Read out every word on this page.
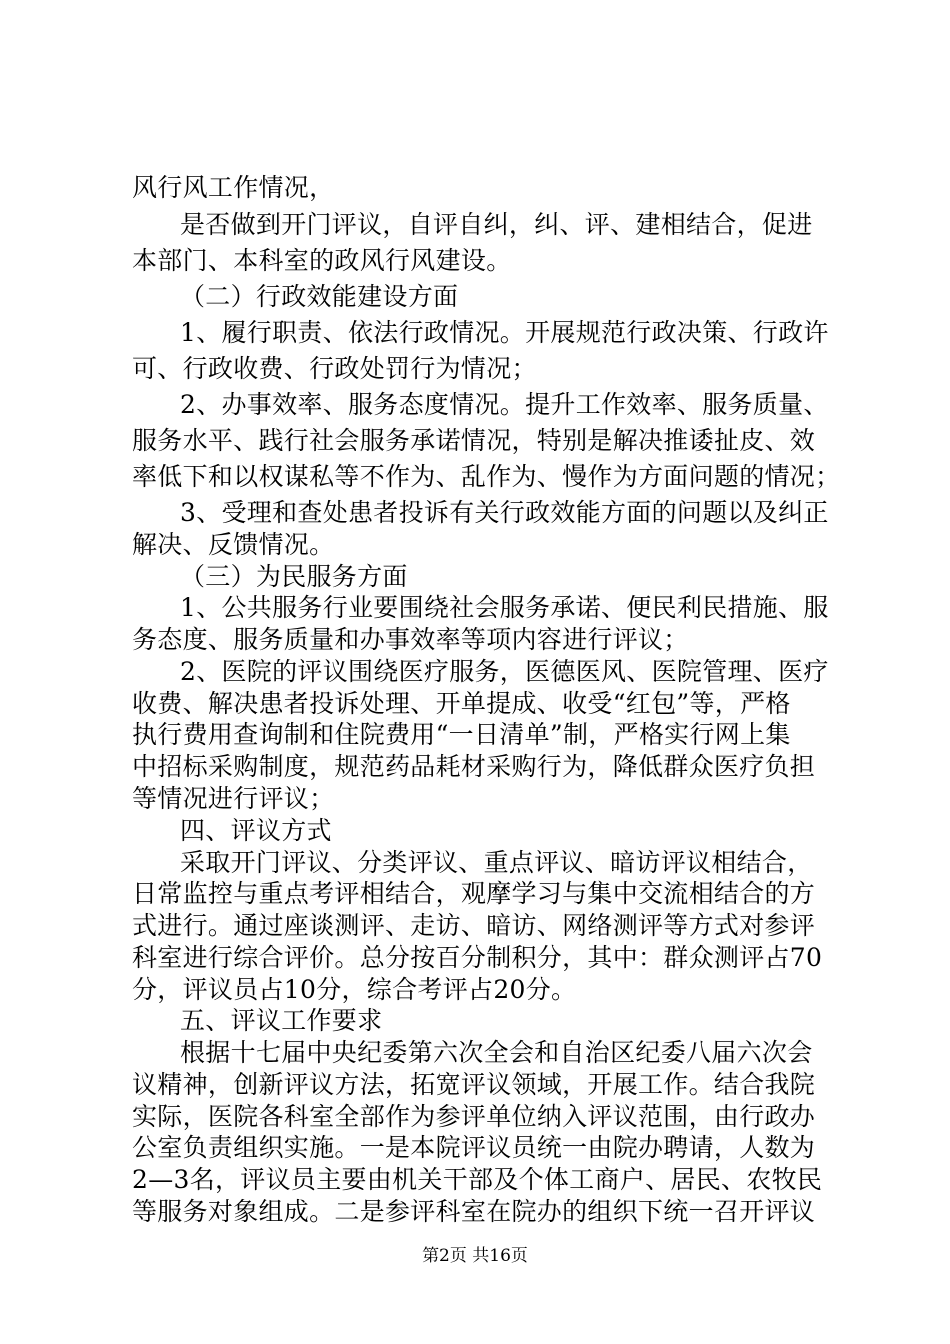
风行风工作情况，
是否做到开门评议，自评自纠，纠、评、建相结合，促进
本部门、本科室的政风行风建设。
（二）行政效能建设方面
1、履行职责、依法行政情况。开展规范行政决策、行政许
可、行政收费、行政处罚行为情况；
2、办事效率、服务态度情况。提升工作效率、服务质量、
服务水平、践行社会服务承诺情况，特别是解决推诿扯皮、效
率低下和以权谋私等不作为、乱作为、慢作为方面问题的情况；
3、受理和查处患者投诉有关行政效能方面的问题以及纠正
解决、反馈情况。
（三）为民服务方面
1、公共服务行业要围绕社会服务承诺、便民利民措施、服
务态度、服务质量和办事效率等项内容进行评议；
2、医院的评议围绕医疗服务，医德医风、医院管理、医疗
收费、解决患者投诉处理、开单提成、收受“红包”等，严格
执行费用查询制和住院费用“一日清单”制，严格实行网上集
中招标采购制度，规范药品耗材采购行为，降低群众医疗负担
等情况进行评议；
四、评议方式
采取开门评议、分类评议、重点评议、暗访评议相结合，
日常监控与重点考评相结合，观摩学习与集中交流相结合的方
式进行。通过座谈测评、走访、暗访、网络测评等方式对参评
科室进行综合评价。总分按百分制积分，其中：群众测评占70
分，评议员占10分，综合考评占20分。
五、评议工作要求
根据十七届中央纪委第六次全会和自治区纪委八届六次会
议精神，创新评议方法，拓宽评议领域，开展工作。结合我院
实际，医院各科室全部作为参评单位纳入评议范围，由行政办
公室负责组织实施。一是本院评议员统一由院办聘请，人数为
2—3名，评议员主要由机关干部及个体工商户、居民、农牧民
等服务对象组成。二是参评科室在院办的组织下统一召开评议
第2页 共16页
